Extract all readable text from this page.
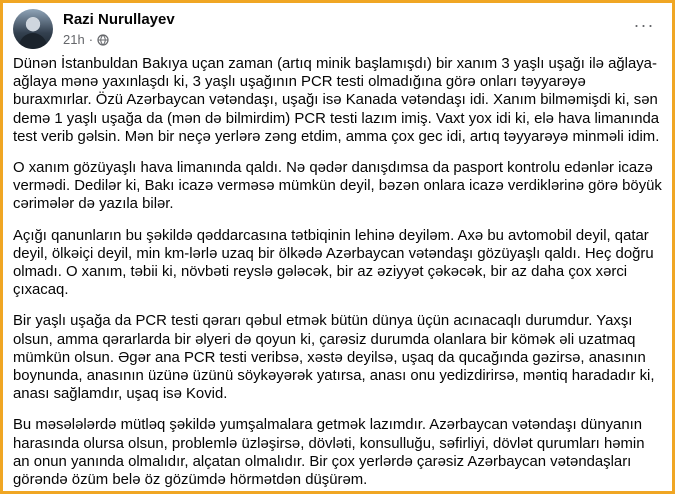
Razi Nurullayev
21h ·
···

Dünən İstanbuldan Bakıya uçan zaman (artıq minik başlamışdı) bir xanım 3 yaşlı uşağı ilə ağlaya-ağlaya mənə yaxınlaşdı ki, 3 yaşlı uşağının PCR testi olmadığına görə onları təyyarəyə buraxmırlar. Özü Azərbaycan vətəndaşı, uşağı isə Kanada vətəndaşı idi. Xanım bilməmişdi ki, sən demə 1 yaşlı uşağa da (mən də bilmirdim) PCR testi lazım imiş. Vaxt yox idi ki, elə hava limanında test verib gəlsin. Mən bir neçə yerlərə zəng etdim, amma çox gec idi, artıq təyyarəyə minməli idim.

O xanım gözüyaşlı hava limanında qaldı. Nə qədər danışdımsa da pasport kontrolu edənlər icazə vermədi. Dedilər ki, Bakı icazə verməsə mümkün deyil, bəzən onlara icazə verdiklərinə görə böyük cərimələr də yazıla bilər.

Açığı qanunların bu şəkildə qəddarcasına tətbiqinin lehinə deyiləm. Axə bu avtomobil deyil, qatar deyil, ölkəiçi deyil, min km-lərlə uzaq bir ölkədə Azərbaycan vətəndaşı gözüyaşlı qaldı. Heç doğru olmadı. O xanım, təbii ki, növbəti reyslə gələcək, bir az əziyyət çəkəcək, bir az daha çox xərci çıxacaq.

Bir yaşlı uşağa da PCR testi qərarı qəbul etmək bütün dünya üçün acınacaqlı durumdur. Yaxşı olsun, amma qərarlarda bir əlyeri də qoyun ki, çarəsiz durumda olanlara bir kömək əli uzatmaq mümkün olsun. Əgər ana PCR testi veribsə, xəstə deyilsə, uşaq da qucağında gəzirsə, anasının boynunda, anasının üzünə üzünü söykəyərək yatırsa, anası onu yedizdirirsə, məntiq haradadır ki, anası sağlamdır, uşaq isə Kovid.

Bu məsələlərdə mütləq şəkildə yumşalmalara getmək lazımdır. Azərbaycan vətəndaşı dünyanın harasında olursa olsun, problemlə üzləşirsə, dövləti, konsulluğu, səfirliyi, dövlət qurumları həmin an onun yanında olmalıdır, alçatan olmalıdır. Bir çox yerlərdə çarəsiz Azərbaycan vətəndaşları görəndə özüm belə öz gözümdə hörmətdən düşürəm.
